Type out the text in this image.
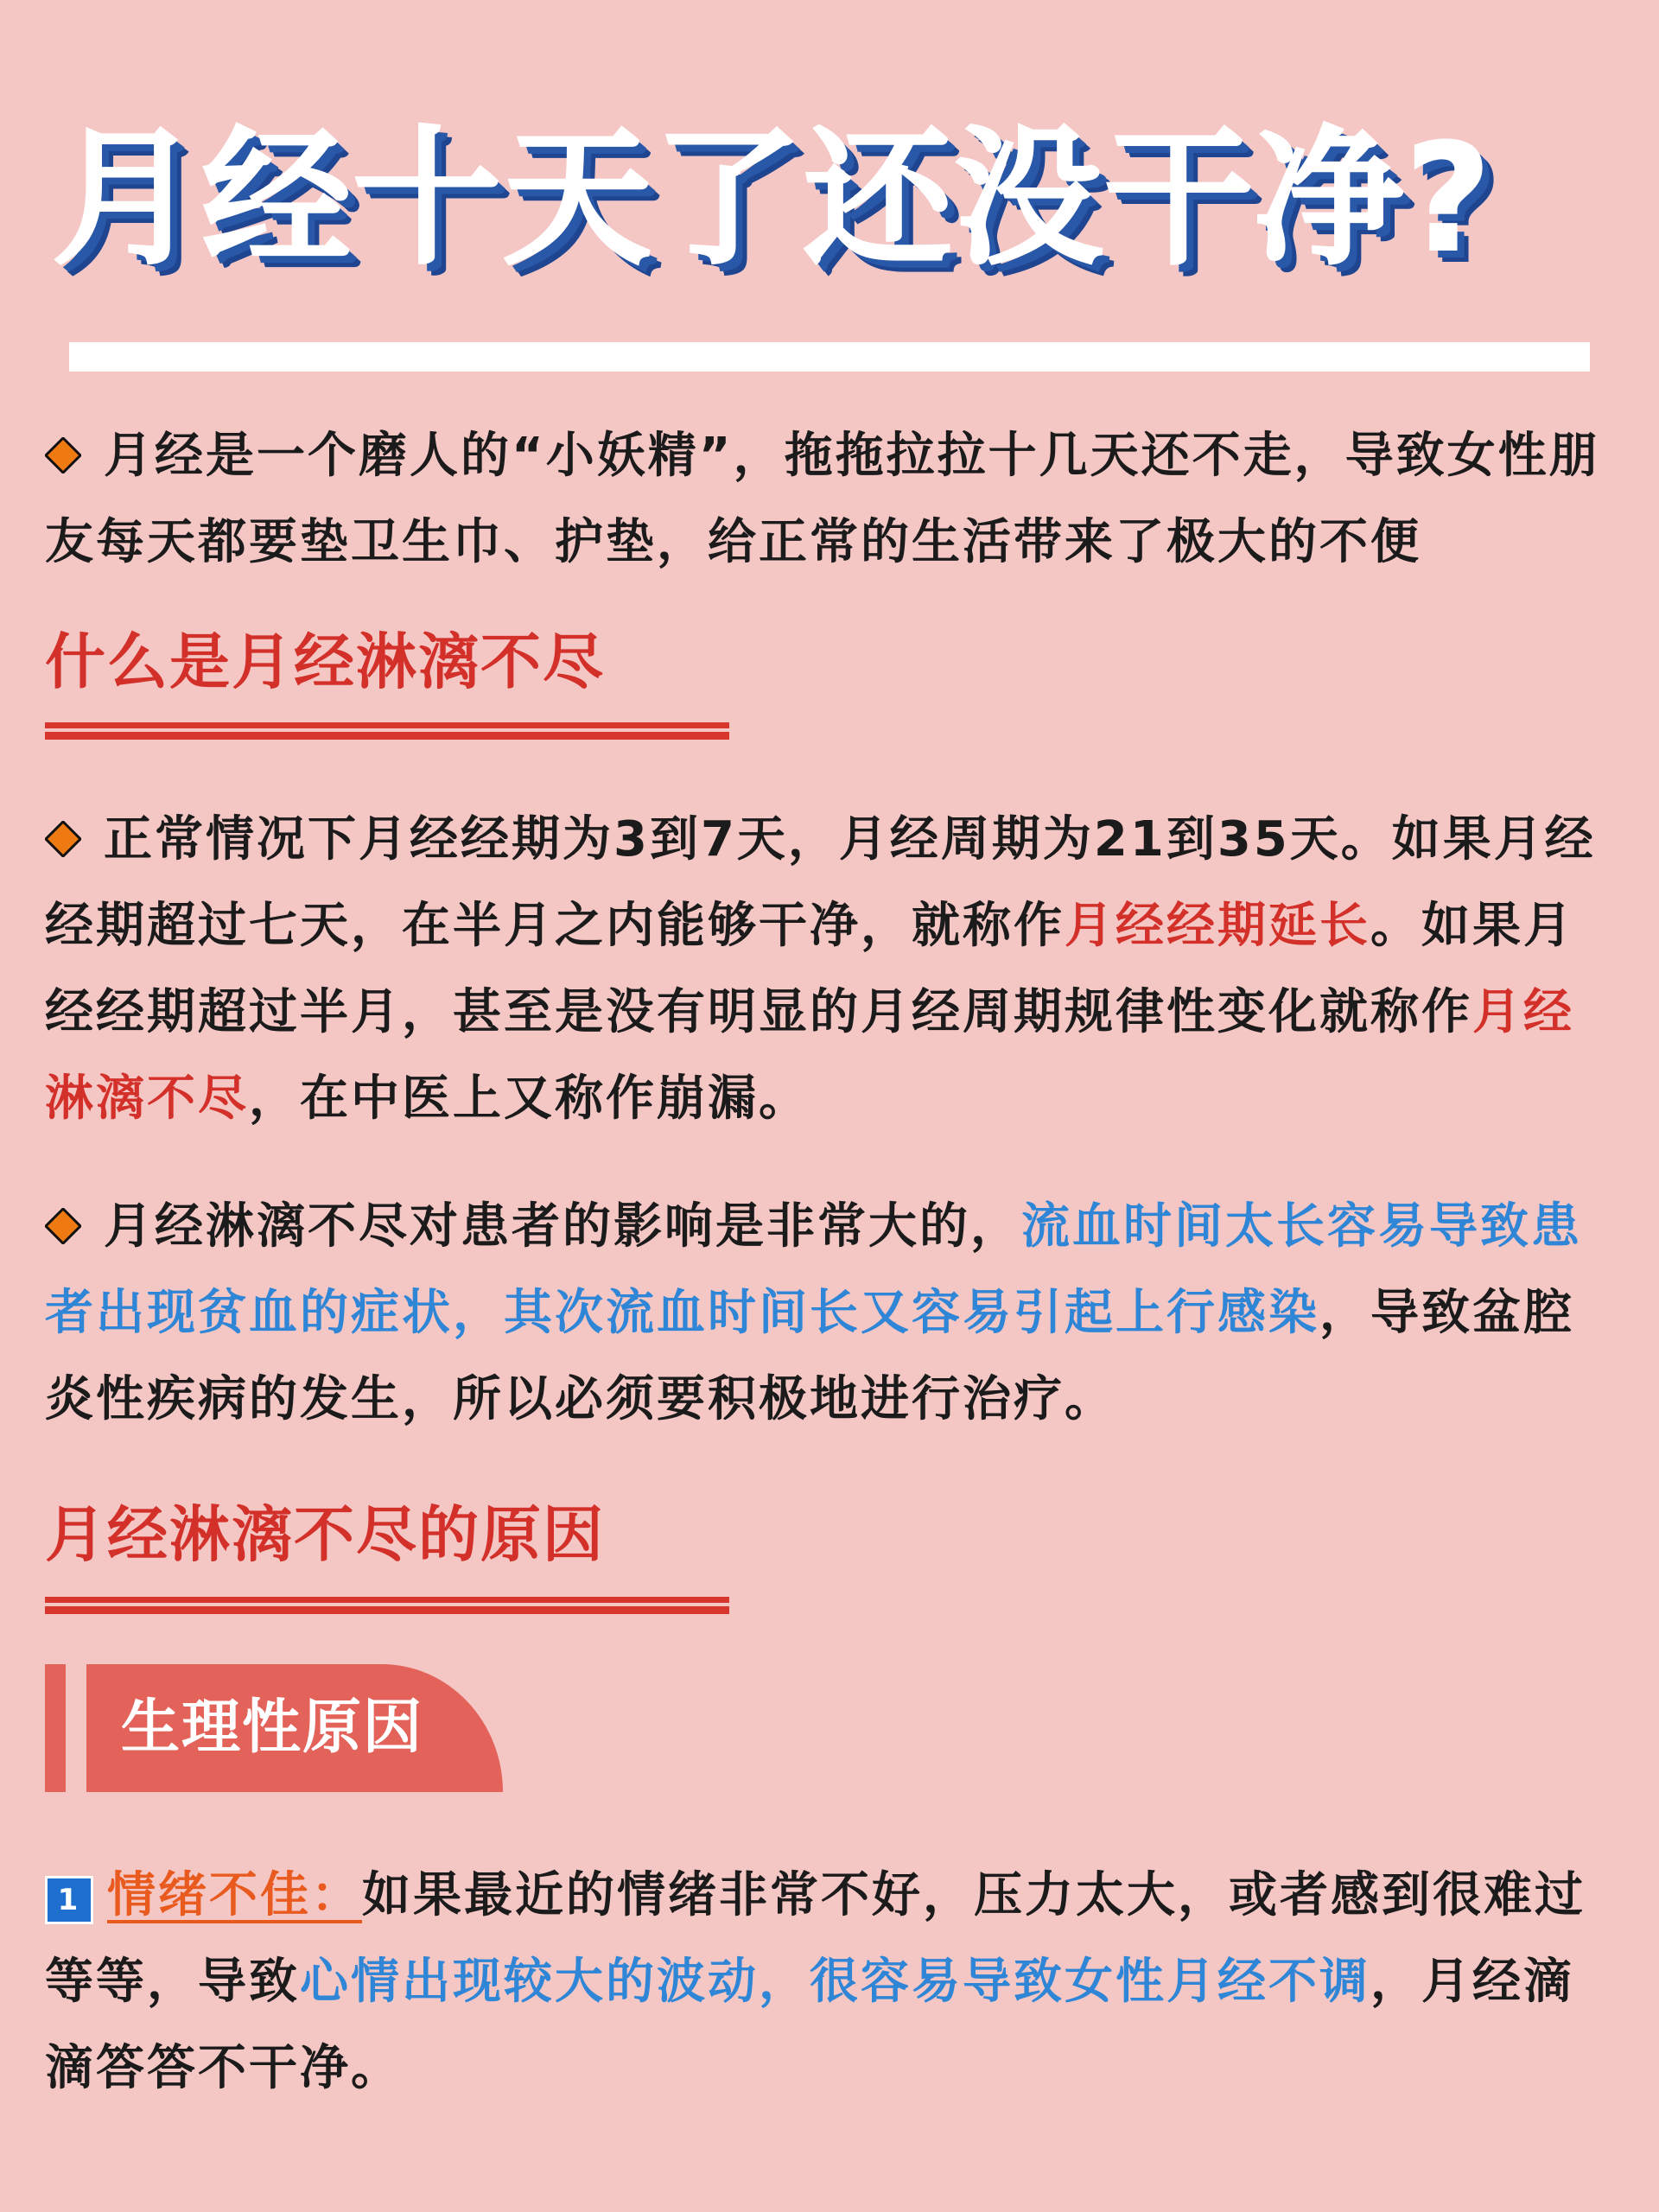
月经十天了还没干净?
月经是一个磨人的“小妖精”，拖拖拉拉十几天还不走，导致女性朋友每天都要垫卫生巾、护垫，给正常的生活带来了极大的不便
什么是月经淋漓不尽
正常情况下月经经期为3到7天，月经周期为21到35天。如果月经经期超过七天，在半月之内能够干净，就称作月经经期延长。如果月经经期超过半月，甚至是没有明显的月经周期规律性变化就称作月经淋漓不尽，在中医上又称作崩漏。
月经淋漓不尽对患者的影响是非常大的，流血时间太长容易导致患者出现贫血的症状，其次流血时间长又容易引起上行感染，导致盆腔炎性疾病的发生，所以必须要积极地进行治疗。
月经淋漓不尽的原因
生理性原因
1 情绪不佳：如果最近的情绪非常不好，压力太大，或者感到很难过等等，导致心情出现较大的波动，很容易导致女性月经不调，月经滴滴答答不干净。
